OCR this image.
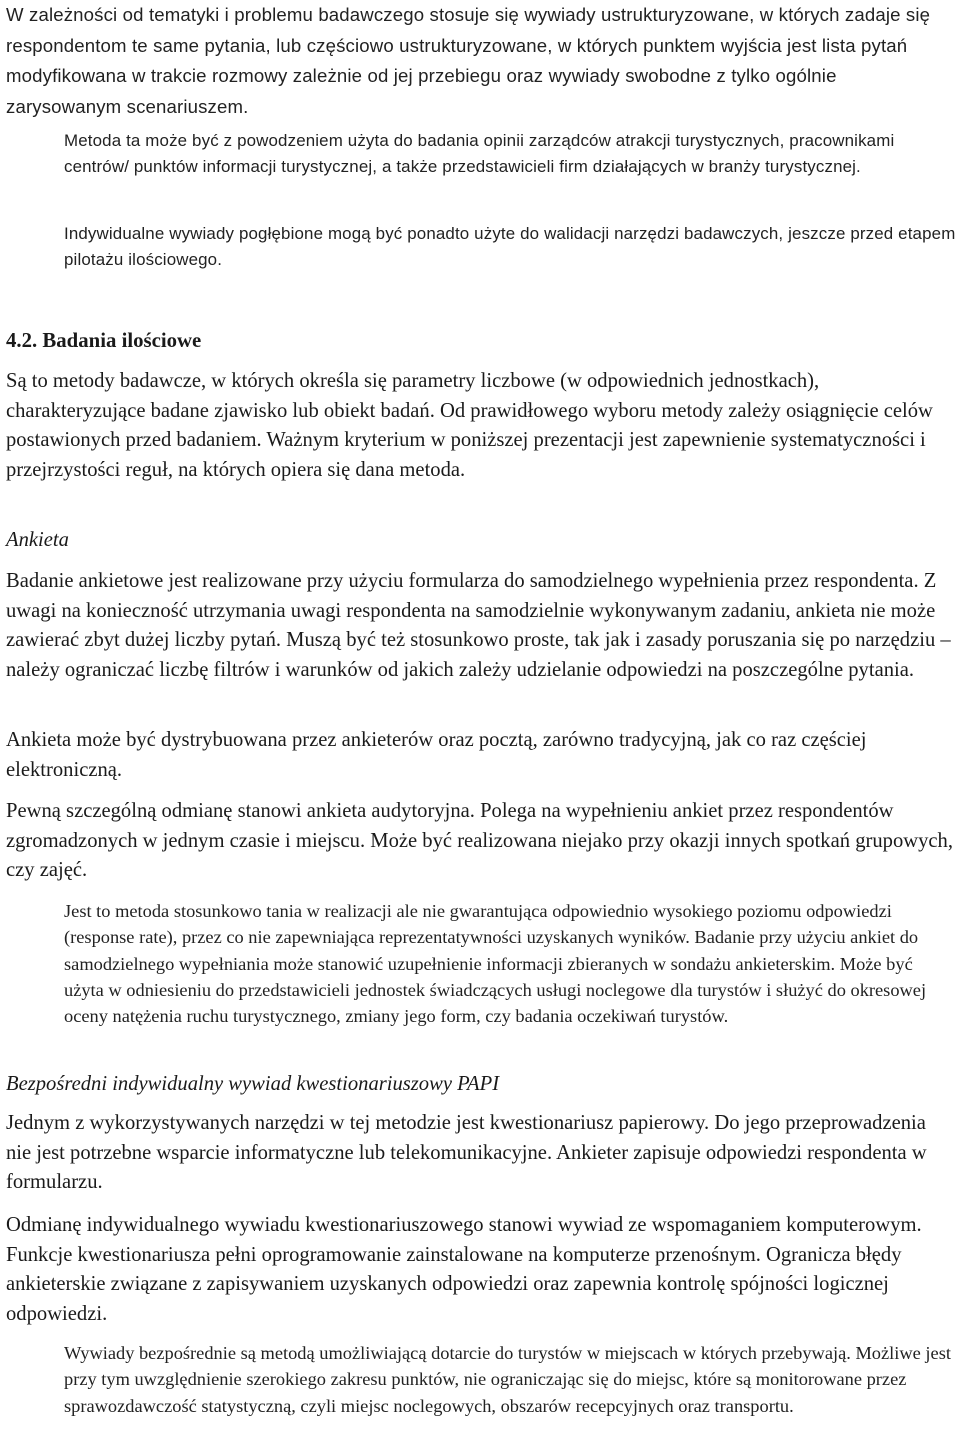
W zależności od tematyki i problemu badawczego stosuje się wywiady ustrukturyzowane, w których zadaje się respondentom te same pytania, lub częściowo ustrukturyzowane, w których punktem wyjścia jest lista pytań modyfikowana w trakcie rozmowy zależnie od jej przebiegu oraz wywiady swobodne z tylko ogólnie zarysowanym scenariuszem.

Metoda ta może być z powodzeniem użyta do badania opinii zarządców atrakcji turystycznych, pracownikami centrów/ punktów informacji turystycznej, a także przedstawicieli firm działających w branży turystycznej.

Indywidualne wywiady pogłębione mogą być ponadto użyte do walidacji narzędzi badawczych, jeszcze przed etapem pilotażu ilościowego.

4.2. Badania ilościowe

Są to metody badawcze, w których określa się parametry liczbowe (w odpowiednich jednostkach), charakteryzujące badane zjawisko lub obiekt badań. Od prawidłowego wyboru metody zależy osiągnięcie celów postawionych przed badaniem. Ważnym kryterium w poniższej prezentacji jest zapewnienie systematyczności i przejrzystości reguł, na których opiera się dana metoda.

Ankieta

Badanie ankietowe jest realizowane przy użyciu formularza do samodzielnego wypełnienia przez respondenta. Z uwagi na konieczność utrzymania uwagi respondenta na samodzielnie wykonywanym zadaniu, ankieta nie może zawierać zbyt dużej liczby pytań. Muszą być też stosunkowo proste, tak jak i zasady poruszania się po narzędziu – należy ograniczać liczbę filtrów i warunków od jakich zależy udzielanie odpowiedzi na poszczególne pytania.

Ankieta może być dystrybuowana przez ankieterów oraz pocztą, zarówno tradycyjną, jak co raz częściej elektroniczną.

Pewną szczególną odmianę stanowi ankieta audytoryjna. Polega na wypełnieniu ankiet przez respondentów zgromadzonych w jednym czasie i miejscu. Może być realizowana niejako przy okazji innych spotkań grupowych, czy zajęć.

Jest to metoda stosunkowo tania w realizacji ale nie gwarantująca odpowiednio wysokiego poziomu odpowiedzi (response rate), przez co nie zapewniająca reprezentatywności uzyskanych wyników. Badanie przy użyciu ankiet do samodzielnego wypełniania może stanowić uzupełnienie informacji zbieranych w sondażu ankieterskim. Może być użyta w odniesieniu do przedstawicieli jednostek świadczących usługi noclegowe dla turystów i służyć do okresowej oceny natężenia ruchu turystycznego, zmiany jego form, czy badania oczekiwań turystów.

Bezpośredni indywidualny wywiad kwestionariuszowy PAPI

Jednym z wykorzystywanych narzędzi w tej metodzie jest kwestionariusz papierowy. Do jego przeprowadzenia nie jest potrzebne wsparcie informatyczne lub telekomunikacyjne. Ankieter zapisuje odpowiedzi respondenta w formularzu.

Odmianę indywidualnego wywiadu kwestionariuszowego stanowi wywiad ze wspomaganiem komputerowym. Funkcje kwestionariusza pełni oprogramowanie zainstalowane na komputerze przenośnym. Ogranicza błędy ankieterskie związane z zapisywaniem uzyskanych odpowiedzi oraz zapewnia kontrolę spójności logicznej odpowiedzi.

Wywiady bezpośrednie są metodą umożliwiającą dotarcie do turystów w miejscach w których przebywają. Możliwe jest przy tym uwzględnienie szerokiego zakresu punktów, nie ograniczając się do miejsc, które są monitorowane przez sprawozdawczość statystyczną, czyli miejsc noclegowych, obszarów recepcyjnych oraz transportu.
